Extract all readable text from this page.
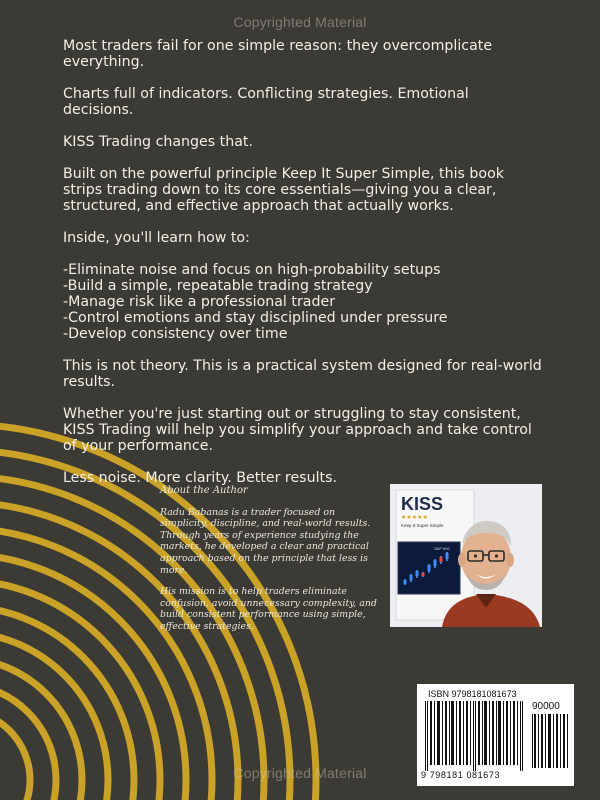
Copyrighted Material

Most traders fail for one simple reason: they overcomplicate everything.

Charts full of indicators. Conflicting strategies. Emotional decisions.

KISS Trading changes that.

Built on the powerful principle Keep It Super Simple, this book strips trading down to its core essentials—giving you a clear, structured, and effective approach that actually works.

Inside, you'll learn how to:

-Eliminate noise and focus on high-probability setups
-Build a simple, repeatable trading strategy
-Manage risk like a professional trader
-Control emotions and stay disciplined under pressure
-Develop consistency over time

This is not theory. This is a practical system designed for real-world results.

Whether you're just starting out or struggling to stay consistent, KISS Trading will help you simplify your approach and take control of your performance.

Less noise. More clarity. Better results.

About the Author

Radu Babanas is a trader focused on simplicity, discipline, and real-world results.
Through years of experience studying the markets, he developed a clear and practical approach based on the principle that less is more.

His mission is to help traders eliminate confusion, avoid unnecessary complexity, and build consistent performance using simple, effective strategies.

KISS
★★★★★
Keep It Super Simple
S&P 500
ISBN 9798181081673
90000
9 798181 081673
Copyrighted Material
